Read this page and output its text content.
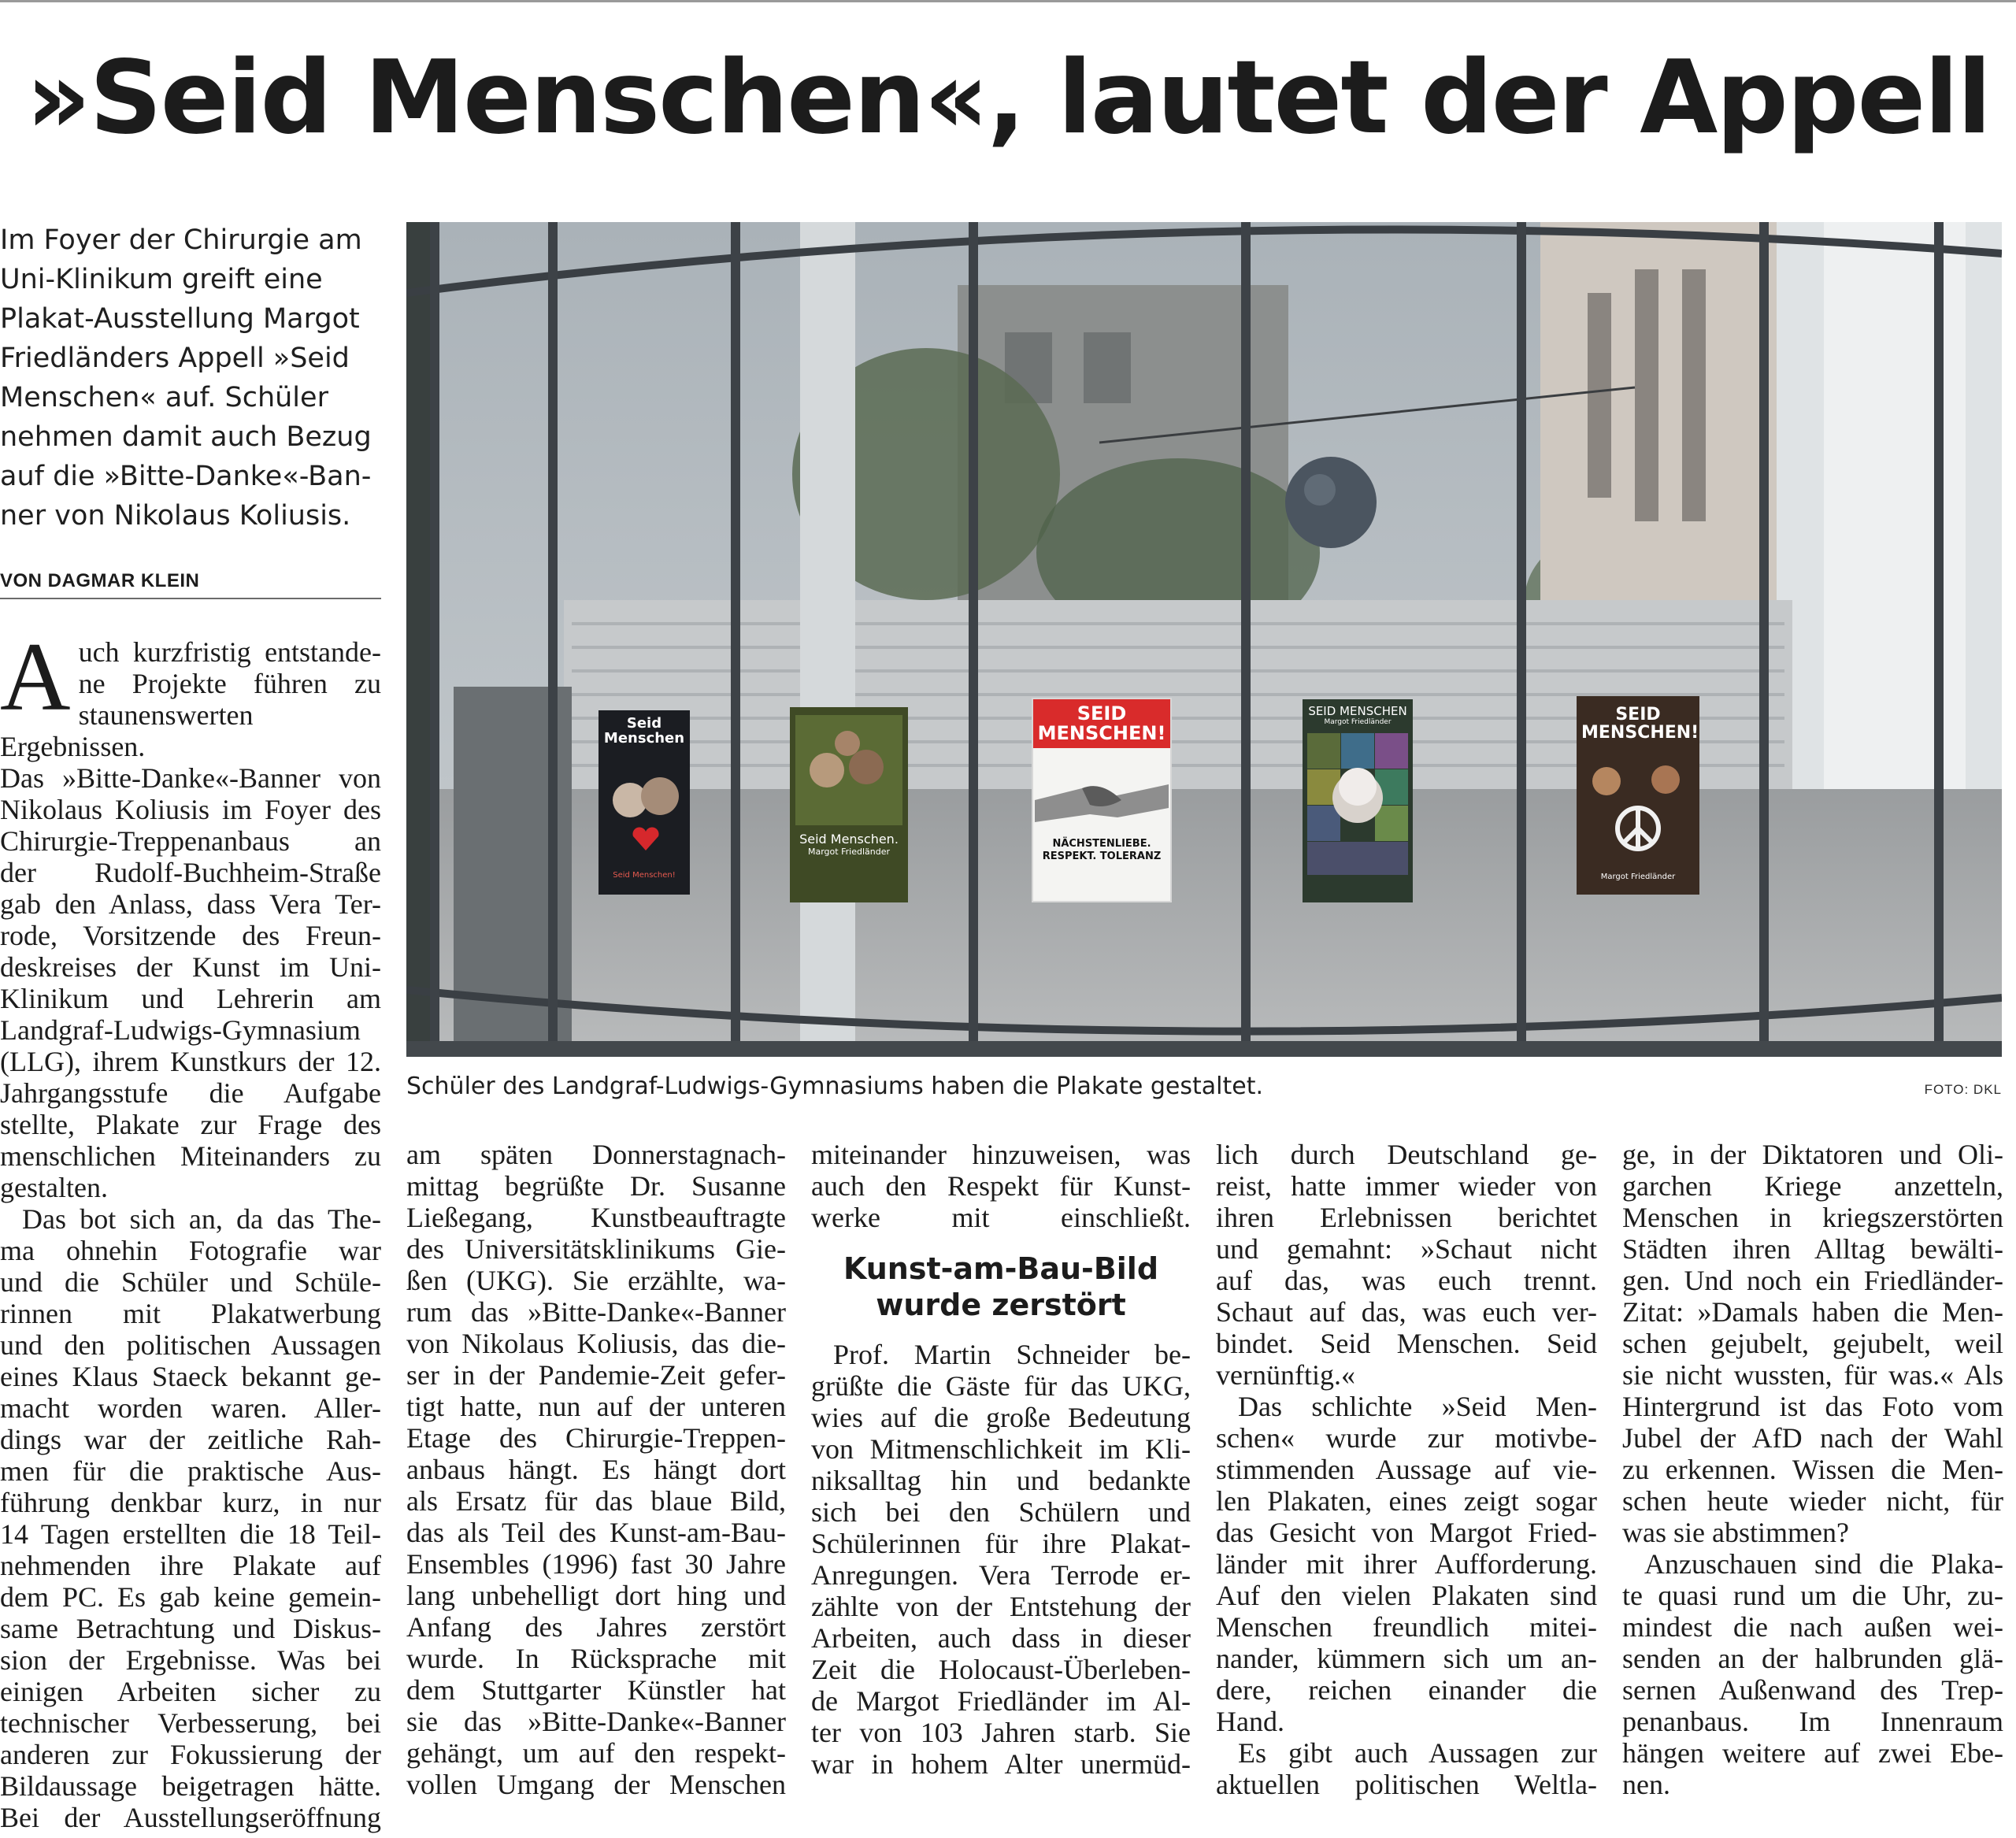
»Seid Menschen«, lautet der Appell
Im Foyer der Chirurgie am
Uni-Klinikum greift eine
Plakat-Ausstellung Margot
Friedländers Appell »Seid
Menschen« auf. Schüler
nehmen damit auch Bezug
auf die »Bitte-Danke«-Ban-
ner von Nikolaus Koliusis.
VON DAGMAR KLEIN
Seid Menschen
Seid Menschen!
Seid Menschen.
Margot Friedländer
SEID MENSCHEN!
NÄCHSTENLIEBE. RESPEKT. TOLERANZ
SEID MENSCHEN
Margot Friedländer	SEID MENSCHEN!
Margot Friedländer
Schüler des Landgraf-Ludwigs-Gymnasiums haben die Plakate gestaltet.	FOTO: DKL
A uch kurzfristig entstande-
ne Projekte führen zu
staunenswerten Ergebnissen.
Das »Bitte-Danke«-Banner von
Nikolaus Koliusis im Foyer des
Chirurgie-Treppenanbaus an
der Rudolf-Buchheim-Straße
gab den Anlass, dass Vera Ter-
rode, Vorsitzende des Freun-
deskreises der Kunst im Uni-
Klinikum und Lehrerin am
Landgraf-Ludwigs-Gymnasium
(LLG), ihrem Kunstkurs der 12.
Jahrgangsstufe die Aufgabe
stellte, Plakate zur Frage des
menschlichen Miteinanders zu
gestalten.
Das bot sich an, da das The-
ma ohnehin Fotografie war
und die Schüler und Schüle-
rinnen mit Plakatwerbung
und den politischen Aussagen
eines Klaus Staeck bekannt ge-
macht worden waren. Aller-
dings war der zeitliche Rah-
men für die praktische Aus-
führung denkbar kurz, in nur
14 Tagen erstellten die 18 Teil-
nehmenden ihre Plakate auf
dem PC. Es gab keine gemein-
same Betrachtung und Diskus-
sion der Ergebnisse. Was bei
einigen Arbeiten sicher zu
technischer Verbesserung, bei
anderen zur Fokussierung der
Bildaussage beigetragen hätte.
Bei der Ausstellungseröffnung
am späten Donnerstagnach-
mittag begrüßte Dr. Susanne
Ließegang, Kunstbeauftragte
des Universitätsklinikums Gie-
ßen (UKG). Sie erzählte, wa-
rum das »Bitte-Danke«-Banner
von Nikolaus Koliusis, das die-
ser in der Pandemie-Zeit gefer-
tigt hatte, nun auf der unteren
Etage des Chirurgie-Treppen-
anbaus hängt. Es hängt dort
als Ersatz für das blaue Bild,
das als Teil des Kunst-am-Bau-
Ensembles (1996) fast 30 Jahre
lang unbehelligt dort hing und
Anfang des Jahres zerstört
wurde. In Rücksprache mit
dem Stuttgarter Künstler hat
sie das »Bitte-Danke«-Banner
gehängt, um auf den respekt-
vollen Umgang der Menschen
miteinander hinzuweisen, was
auch den Respekt für Kunst-
werke mit einschließt.
Kunst-am-Bau-Bild
wurde zerstört
Prof. Martin Schneider be-
grüßte die Gäste für das UKG,
wies auf die große Bedeutung
von Mitmenschlichkeit im Kli-
niksalltag hin und bedankte
sich bei den Schülern und
Schülerinnen für ihre Plakat-
Anregungen. Vera Terrode er-
zählte von der Entstehung der
Arbeiten, auch dass in dieser
Zeit die Holocaust-Überleben-
de Margot Friedländer im Al-
ter von 103 Jahren starb. Sie
war in hohem Alter unermüd-
lich durch Deutschland ge-
reist, hatte immer wieder von
ihren Erlebnissen berichtet
und gemahnt: »Schaut nicht
auf das, was euch trennt.
Schaut auf das, was euch ver-
bindet. Seid Menschen. Seid
vernünftig.«
Das schlichte »Seid Men-
schen« wurde zur motivbe-
stimmenden Aussage auf vie-
len Plakaten, eines zeigt sogar
das Gesicht von Margot Fried-
länder mit ihrer Aufforderung.
Auf den vielen Plakaten sind
Menschen freundlich mitei-
nander, kümmern sich um an-
dere, reichen einander die
Hand.
Es gibt auch Aussagen zur
aktuellen politischen Weltla-
ge, in der Diktatoren und Oli-
garchen Kriege anzetteln,
Menschen in kriegszerstörten
Städten ihren Alltag bewälti-
gen. Und noch ein Friedländer-
Zitat: »Damals haben die Men-
schen gejubelt, gejubelt, weil
sie nicht wussten, für was.« Als
Hintergrund ist das Foto vom
Jubel der AfD nach der Wahl
zu erkennen. Wissen die Men-
schen heute wieder nicht, für
was sie abstimmen?
Anzuschauen sind die Plaka-
te quasi rund um die Uhr, zu-
mindest die nach außen wei-
senden an der halbrunden glä-
sernen Außenwand des Trep-
penanbaus. Im Innenraum
hängen weitere auf zwei Ebe-
nen.
